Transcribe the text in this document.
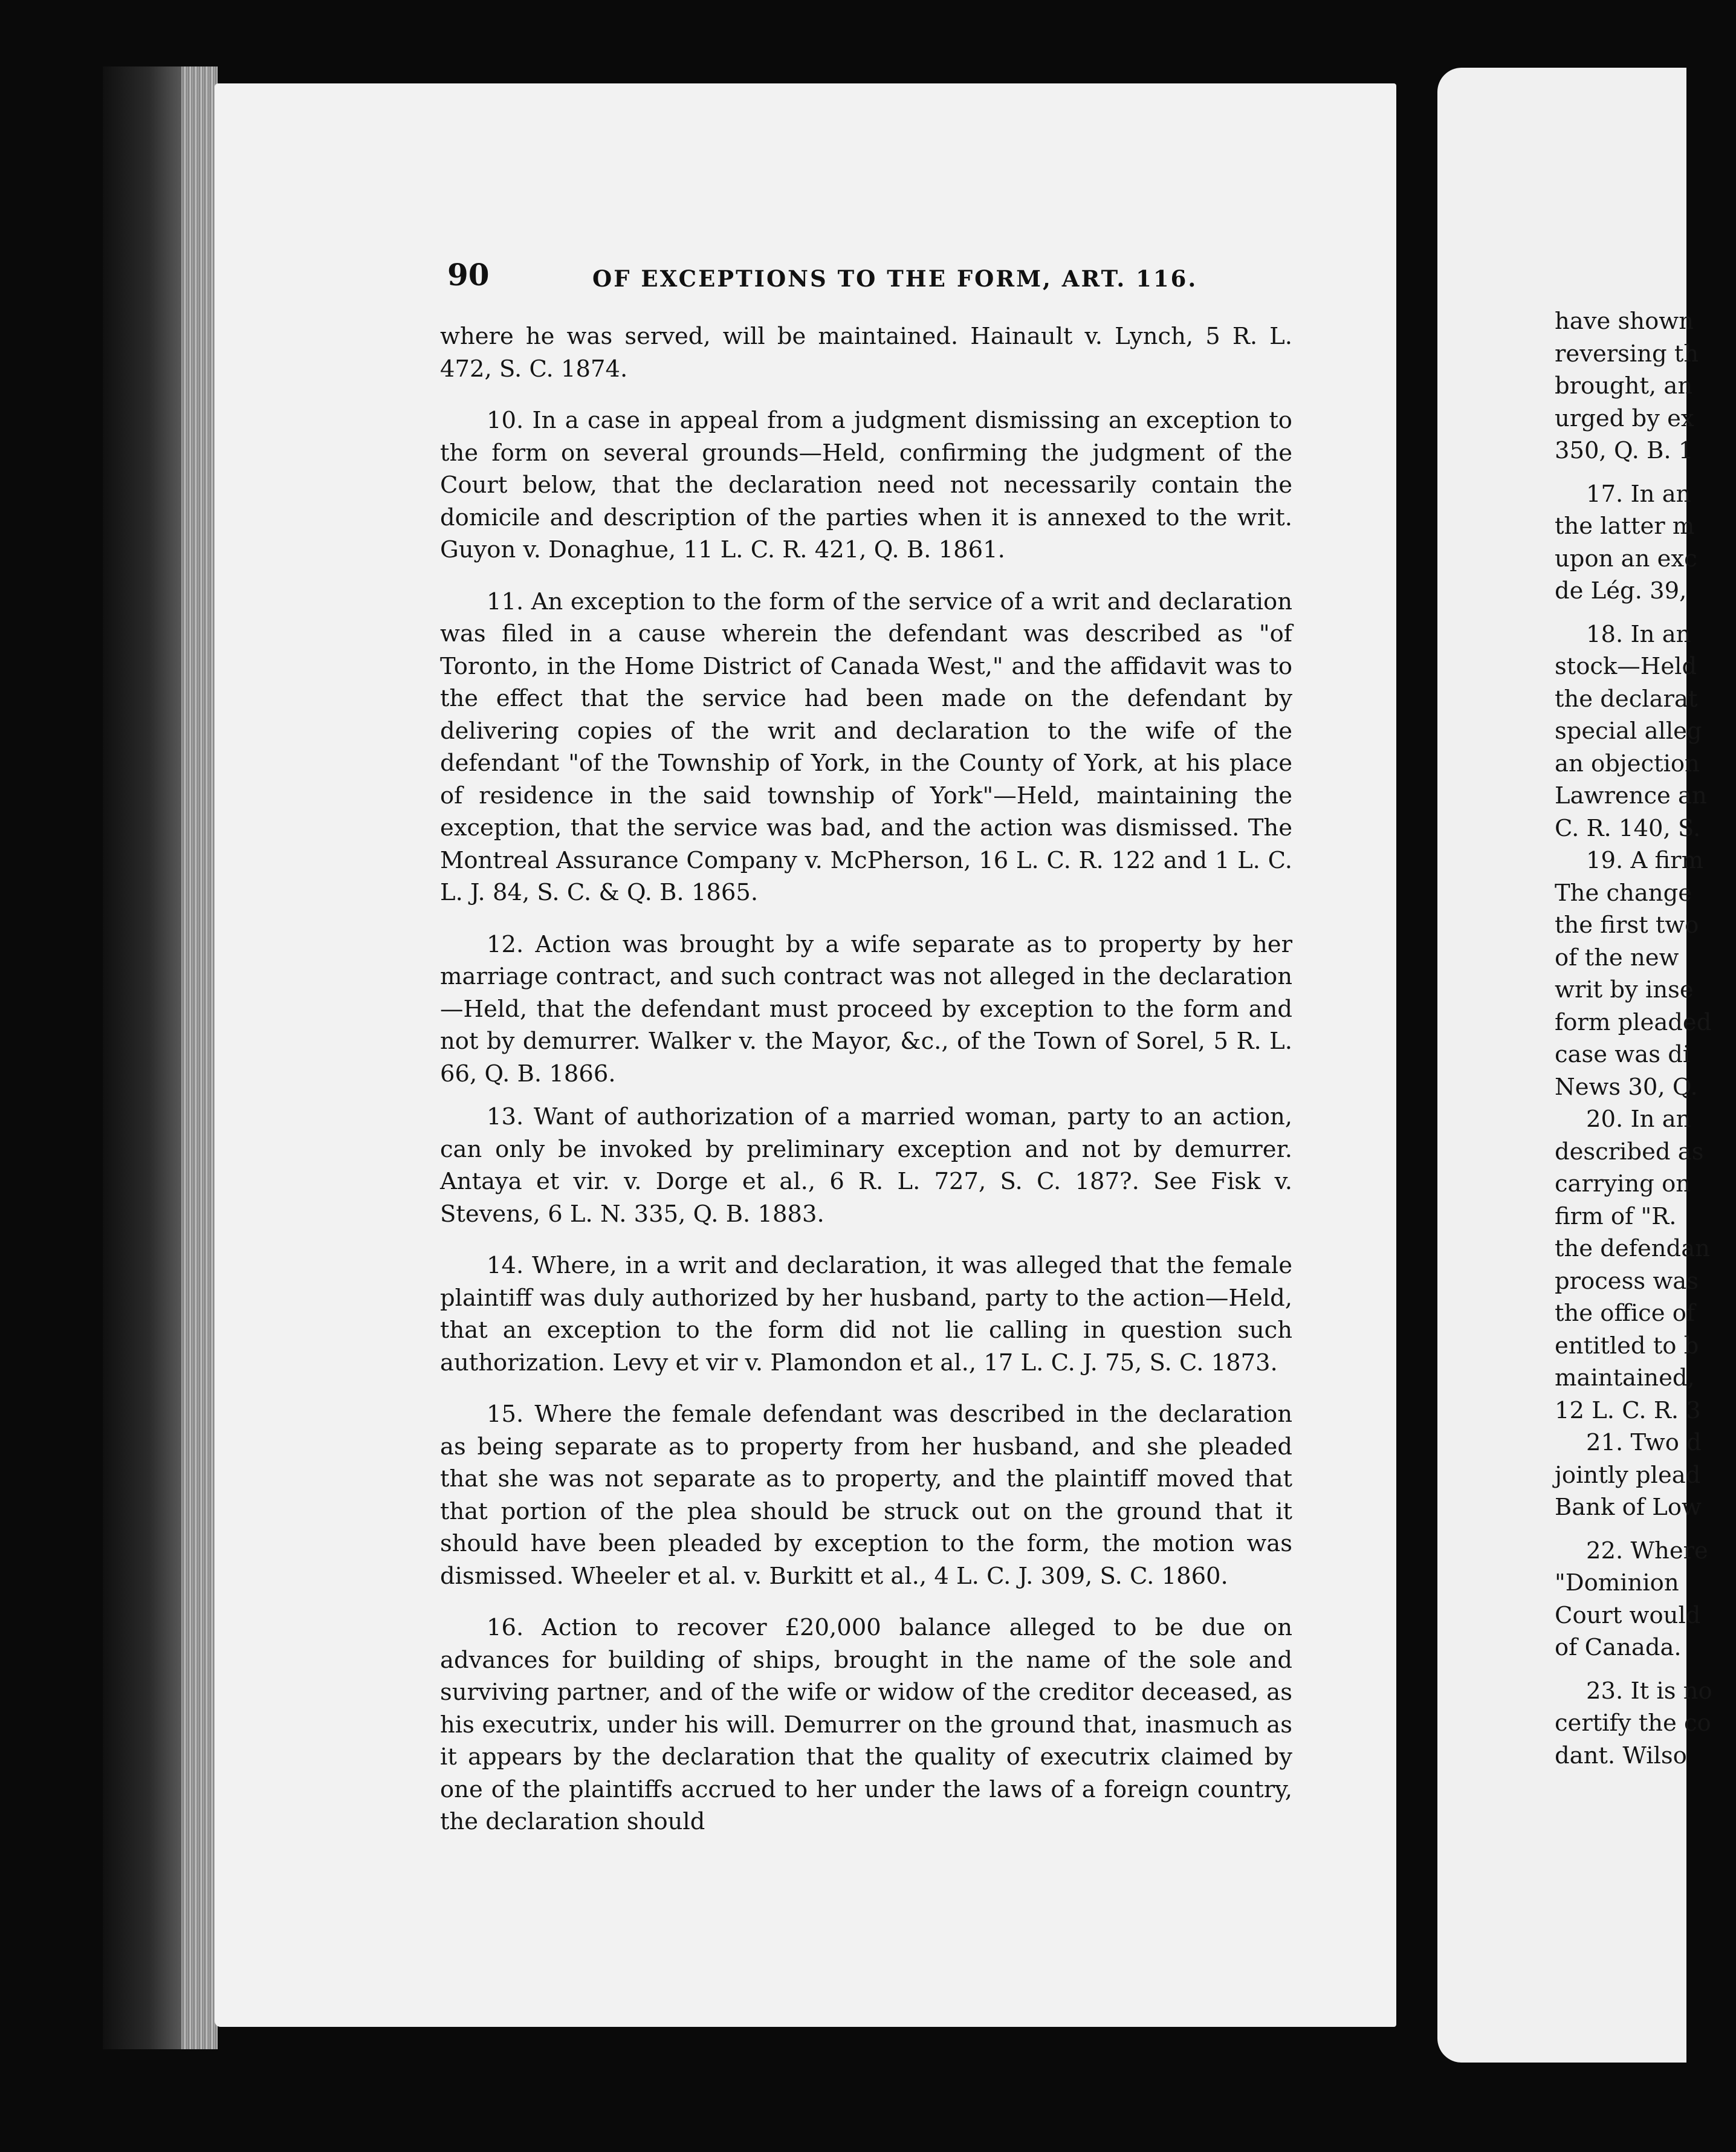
90	OF EXCEPTIONS TO THE FORM, ART. 116.

where he was served, will be maintained. Hainault v. Lynch, 5 R. L. 472, S. C. 1874.

10. In a case in appeal from a judgment dismissing an exception to the form on several grounds—Held, confirming the judgment of the Court below, that the declaration need not necessarily contain the domicile and description of the parties when it is annexed to the writ. Guyon v. Donaghue, 11 L. C. R. 421, Q. B. 1861.

11. An exception to the form of the service of a writ and declaration was filed in a cause wherein the defendant was described as "of Toronto, in the Home District of Canada West," and the affidavit was to the effect that the service had been made on the defendant by delivering copies of the writ and declaration to the wife of the defendant "of the Township of York, in the County of York, at his place of residence in the said township of York"—Held, maintaining the exception, that the service was bad, and the action was dismissed. The Montreal Assurance Company v. McPherson, 16 L. C. R. 122 and 1 L. C. L. J. 84, S. C. & Q. B. 1865.

12. Action was brought by a wife separate as to property by her marriage contract, and such contract was not alleged in the declaration—Held, that the defendant must proceed by exception to the form and not by demurrer. Walker v. the Mayor, &c., of the Town of Sorel, 5 R. L. 66, Q. B. 1866.

13. Want of authorization of a married woman, party to an action, can only be invoked by preliminary exception and not by demurrer. Antaya et vir. v. Dorge et al., 6 R. L. 727, S. C. 187?. See Fisk v. Stevens, 6 L. N. 335, Q. B. 1883.

14. Where, in a writ and declaration, it was alleged that the female plaintiff was duly authorized by her husband, party to the action—Held, that an exception to the form did not lie calling in question such authorization. Levy et vir v. Plamondon et al., 17 L. C. J. 75, S. C. 1873.

15. Where the female defendant was described in the declaration as being separate as to property from her husband, and she pleaded that she was not separate as to property, and the plaintiff moved that that portion of the plea should be struck out on the ground that it should have been pleaded by exception to the form, the motion was dismissed. Wheeler et al. v. Burkitt et al., 4 L. C. J. 309, S. C. 1860.

16. Action to recover £20,000 balance alleged to be due on advances for building of ships, brought in the name of the sole and surviving partner, and of the wife or widow of the creditor deceased, as his executrix, under his will. Demurrer on the ground that, inasmuch as it appears by the declaration that the quality of executrix claimed by one of the plaintiffs accrued to her under the laws of a foreign country, the declaration should

have shown
reversing th
brought, an
urged by ex
350, Q. B. 1
17. In an
the latter m
upon an exc
de Lég. 39,
18. In an
stock—Held
the declarat
special alleg
an objection
Lawrence an
C. R. 140, S.
19. A firm
The change
the first two
of the new
writ by inse
form pleaded
case was di
News 30, Q.
20. In an
described as
carrying on
firm of "R.
the defendan
process was
the office of
entitled to b
maintained,
12 L. C. R. 3
21. Two d
jointly plead
Bank of Low
22. Where
"Dominion
Court would
of Canada.
23. It is no
certify the co
dant. Wilso
